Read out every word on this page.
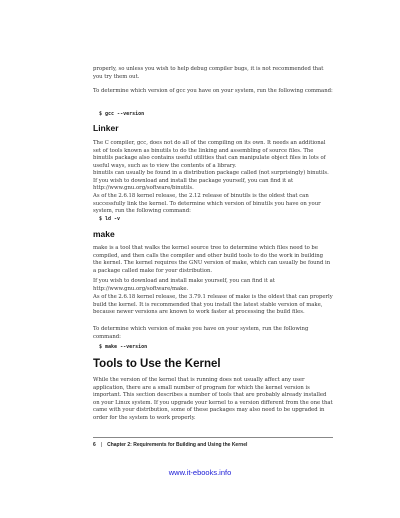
properly, so unless you wish to help debug compiler bugs, it is not recommended that you try them out.

To determine which version of gcc you have on your system, run the following command:

$ gcc --version
Linker

The C compiler, gcc, does not do all of the compiling on its own. It needs an additional set of tools known as binutils to do the linking and assembling of source files. The binutils package also contains useful utilities that can manipulate object files in lots of useful ways, such as to view the contents of a library.

binutils can usually be found in a distribution package called (not surprisingly) binutils. If you wish to download and install the package yourself, you can find it at http://www.gnu.org/software/binutils.

As of the 2.6.18 kernel release, the 2.12 release of binutils is the oldest that can successfully link the kernel. To determine which version of binutils you have on your system, run the following command:

$ ld -v
make

make is a tool that walks the kernel source tree to determine which files need to be compiled, and then calls the compiler and other build tools to do the work in building the kernel. The kernel requires the GNU version of make, which can usually be found in a package called make for your distribution.

If you wish to download and install make yourself, you can find it at http://www.gnu.org/software/make.

As of the 2.6.18 kernel release, the 3.79.1 release of make is the oldest that can properly build the kernel. It is recommended that you install the latest stable version of make, because newer versions are known to work faster at processing the build files.

To determine which version of make you have on your system, run the following command:

$ make --version
Tools to Use the Kernel

While the version of the kernel that is running does not usually affect any user application, there are a small number of program for which the kernel version is important. This section describes a number of tools that are probably already installed on your Linux system. If you upgrade your kernel to a version different from the one that came with your distribution, some of these packages may also need to be upgraded in order for the system to work properly.

6 | Chapter 2: Requirements for Building and Using the Kernel
www.it-ebooks.info
